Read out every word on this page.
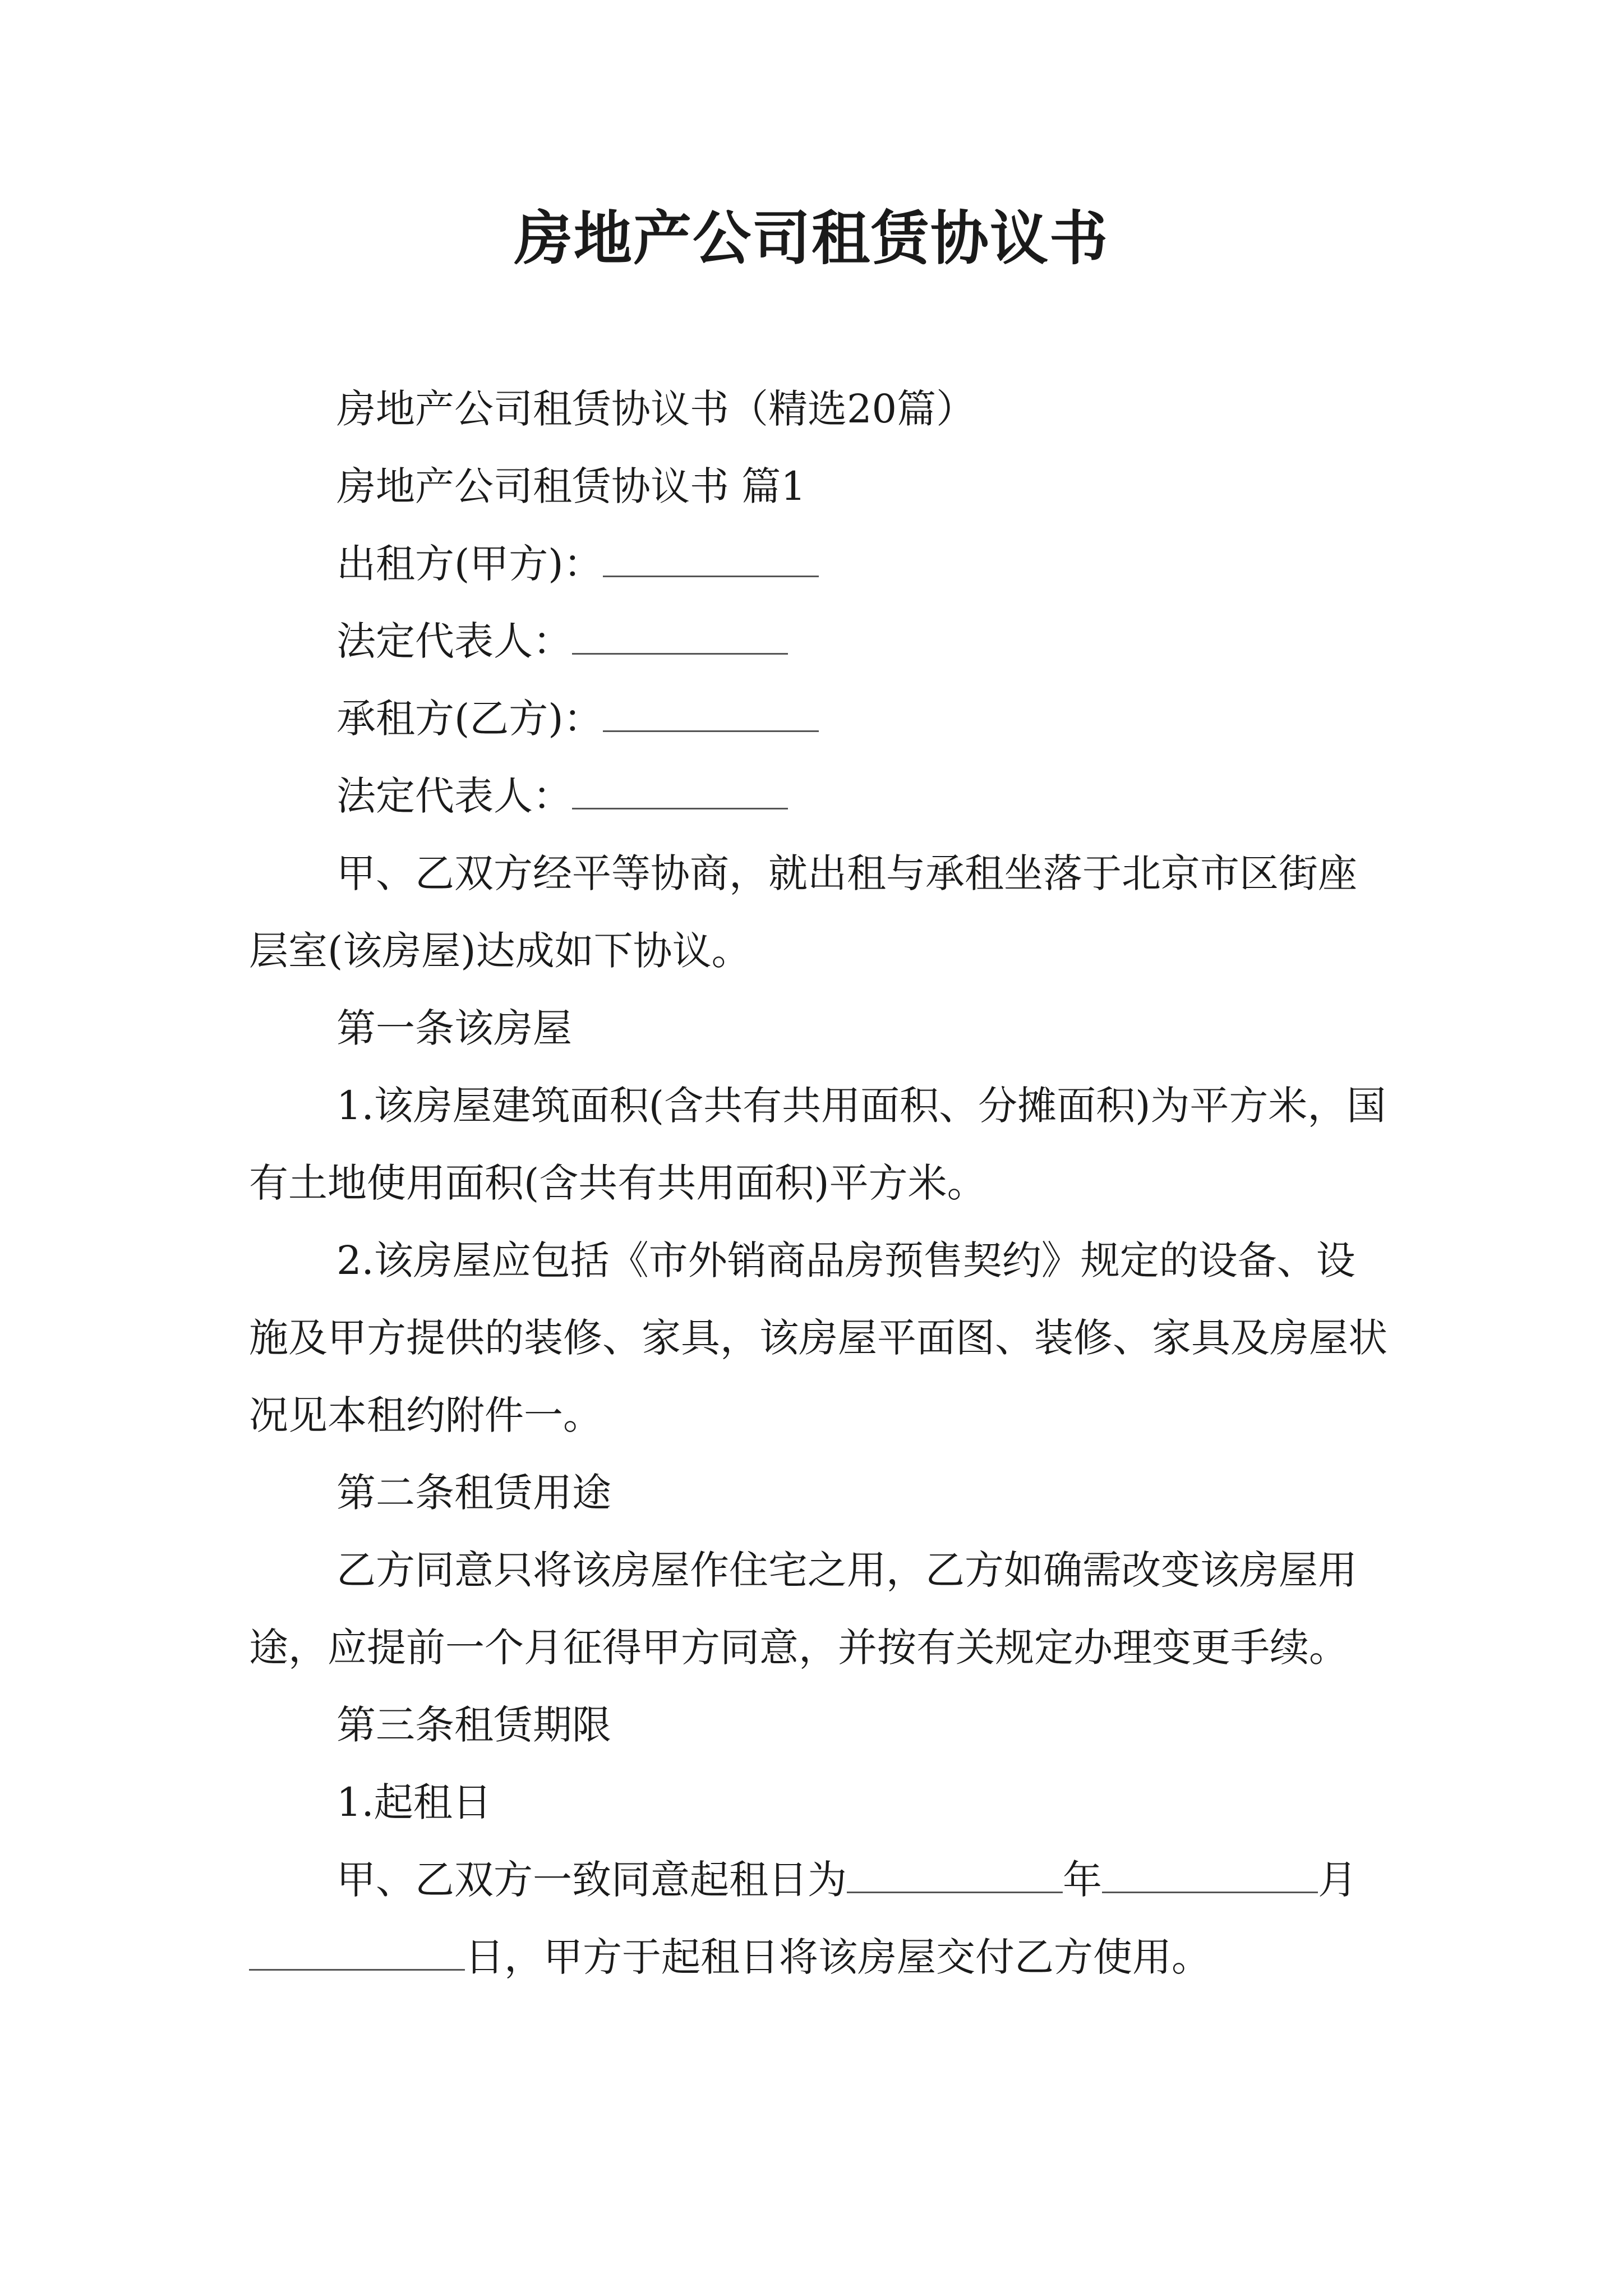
房地产公司租赁协议书

房地产公司租赁协议书（精选20篇）

房地产公司租赁协议书 篇1

出租方(甲方)：

法定代表人：

承租方(乙方)：

法定代表人：

甲、乙双方经平等协商，就出租与承租坐落于北京市区街座层室(该房屋)达成如下协议。

第一条该房屋

1.该房屋建筑面积(含共有共用面积、分摊面积)为平方米，国有土地使用面积(含共有共用面积)平方米。

2.该房屋应包括《市外销商品房预售契约》规定的设备、设施及甲方提供的装修、家具，该房屋平面图、装修、家具及房屋状况见本租约附件一。

第二条租赁用途

乙方同意只将该房屋作住宅之用，乙方如确需改变该房屋用途，应提前一个月征得甲方同意，并按有关规定办理变更手续。

第三条租赁期限

1.起租日

甲、乙双方一致同意起租日为	年	月日，甲方于起租日将该房屋交付乙方使用。
